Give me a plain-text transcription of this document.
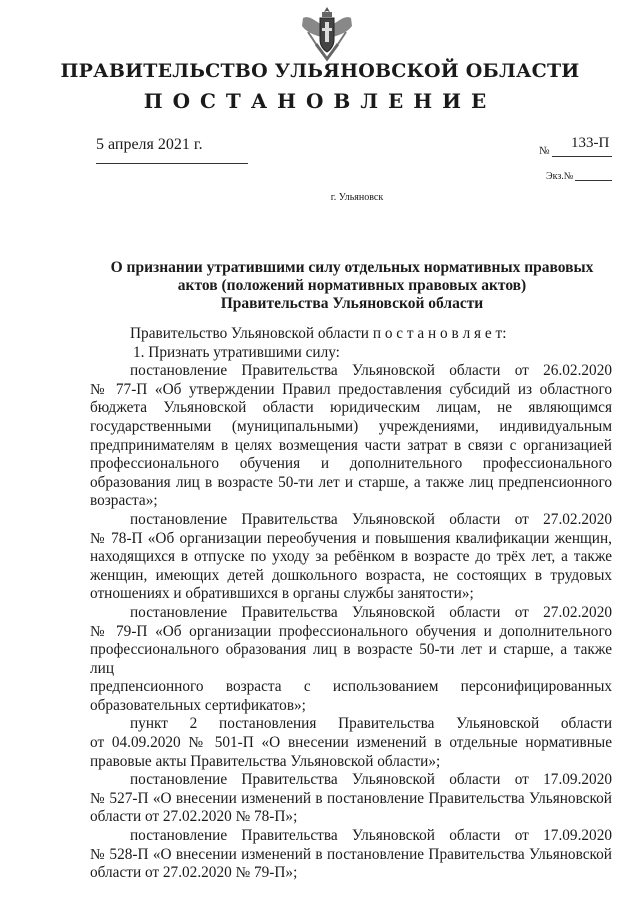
ПРАВИТЕЛЬСТВО УЛЬЯНОВСКОЙ ОБЛАСТИ
ПОСТАНОВЛЕНИЕ
5 апреля 2021 г.	№ 133-П
Экз.№
г. Ульяновск
О признании утратившими силу отдельных нормативных правовых
актов (положений нормативных правовых актов)
Правительства Ульяновской области
Правительство Ульяновской области п о с т а н о в л я е т:
1. Признать утратившими силу:
постановление Правительства Ульяновской области от 26.02.2020
№ 77-П «Об утверждении Правил предоставления субсидий из областного
бюджета Ульяновской области юридическим лицам, не являющимся
государственными (муниципальными) учреждениями, индивидуальным
предпринимателям в целях возмещения части затрат в связи с организацией
профессионального обучения и дополнительного профессионального
образования лиц в возрасте 50-ти лет и старше, а также лиц предпенсионного
возраста»;
постановление Правительства Ульяновской области от 27.02.2020
№ 78-П «Об организации переобучения и повышения квалификации женщин,
находящихся в отпуске по уходу за ребёнком в возрасте до трёх лет, а также
женщин, имеющих детей дошкольного возраста, не состоящих в трудовых
отношениях и обратившихся в органы службы занятости»;
постановление Правительства Ульяновской области от 27.02.2020
№ 79-П «Об организации профессионального обучения и дополнительного
профессионального образования лиц в возрасте 50-ти лет и старше, а также лиц
предпенсионного возраста с использованием персонифицированных
образовательных сертификатов»;
пункт 2 постановления Правительства Ульяновской области
от 04.09.2020 № 501-П «О внесении изменений в отдельные нормативные
правовые акты Правительства Ульяновской области»;
постановление Правительства Ульяновской области от 17.09.2020
№ 527-П «О внесении изменений в постановление Правительства Ульяновской
области от 27.02.2020 № 78-П»;
постановление Правительства Ульяновской области от 17.09.2020
№ 528-П «О внесении изменений в постановление Правительства Ульяновской
области от 27.02.2020 № 79-П»;
